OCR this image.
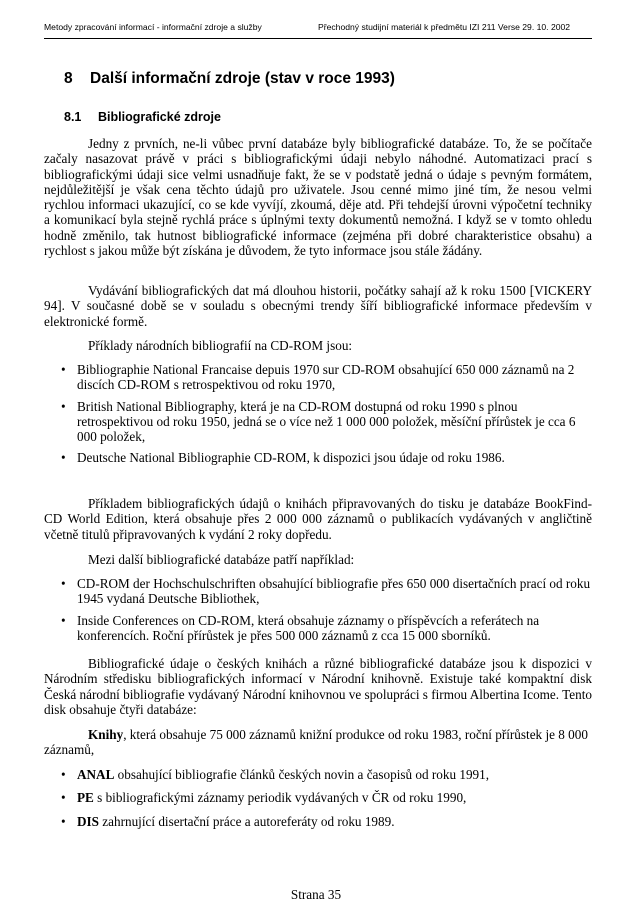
Metody zpracování informací - informační zdroje a služby	Přechodný studijní materiál k předmětu IZI 211 Verse 29. 10. 2002
8 Další informační zdroje (stav v roce 1993)
8.1 Bibliografické zdroje
Jedny z prvních, ne-li vůbec první databáze byly bibliografické databáze. To, že se počítače začaly nasazovat právě v práci s bibliografickými údaji nebylo náhodné. Automatizaci prací s bibliografickými údaji sice velmi usnadňuje fakt, že se v podstatě jedná o údaje s pevným formátem, nejdůležitější je však cena těchto údajů pro uživatele. Jsou cenné mimo jiné tím, že nesou velmi rychlou informaci ukazující, co se kde vyvíjí, zkoumá, děje atd. Při tehdejší úrovni výpočetní techniky a komunikací byla stejně rychlá práce s úplnými texty dokumentů nemožná. I když se v tomto ohledu hodně změnilo, tak hutnost bibliografické informace (zejména při dobré charakteristice obsahu) a rychlost s jakou může být získána je důvodem, že tyto informace jsou stále žádány.
Vydávání bibliografických dat má dlouhou historii, počátky sahají až k roku 1500 [VICKERY 94]. V současné době se v souladu s obecnými trendy šíří bibliografické informace především v elektronické formě.
Příklady národních bibliografií na CD-ROM jsou:
• Bibliographie National Francaise depuis 1970 sur CD-ROM obsahující 650 000 záznamů na 2 discích CD-ROM s retrospektivou od roku 1970,
• British National Bibliography, která je na CD-ROM dostupná od roku 1990 s plnou retrospektivou od roku 1950, jedná se o více než 1 000 000 položek, měsíční přírůstek je cca 6 000 položek,
• Deutsche National Bibliographie CD-ROM, k dispozici jsou údaje od roku 1986.
Příkladem bibliografických údajů o knihách připravovaných do tisku je databáze BookFind-CD World Edition, která obsahuje přes 2 000 000 záznamů o publikacích vydávaných v angličtině včetně titulů připravovaných k vydání 2 roky dopředu.
Mezi další bibliografické databáze patří například:
• CD-ROM der Hochschulschriften obsahující bibliografie přes 650 000 disertačních prací od roku 1945 vydaná Deutsche Bibliothek,
• Inside Conferences on CD-ROM, která obsahuje záznamy o příspěvcích a referátech na konferencích. Roční přírůstek je přes 500 000 záznamů z cca 15 000 sborníků.
Bibliografické údaje o českých knihách a různé bibliografické databáze jsou k dispozici v Národním středisku bibliografických informací v Národní knihovně. Existuje také kompaktní disk Česká národní bibliografie vydávaný Národní knihovnou ve spolupráci s firmou Albertina Icome. Tento disk obsahuje čtyři databáze:
Knihy, která obsahuje 75 000 záznamů knižní produkce od roku 1983, roční přírůstek je 8 000 záznamů,
• ANAL obsahující bibliografie článků českých novin a časopisů od roku 1991,
• PE s bibliografickými záznamy periodik vydávaných v ČR od roku 1990,
• DIS zahrnující disertační práce a autoreferáty od roku 1989.
Strana 35
